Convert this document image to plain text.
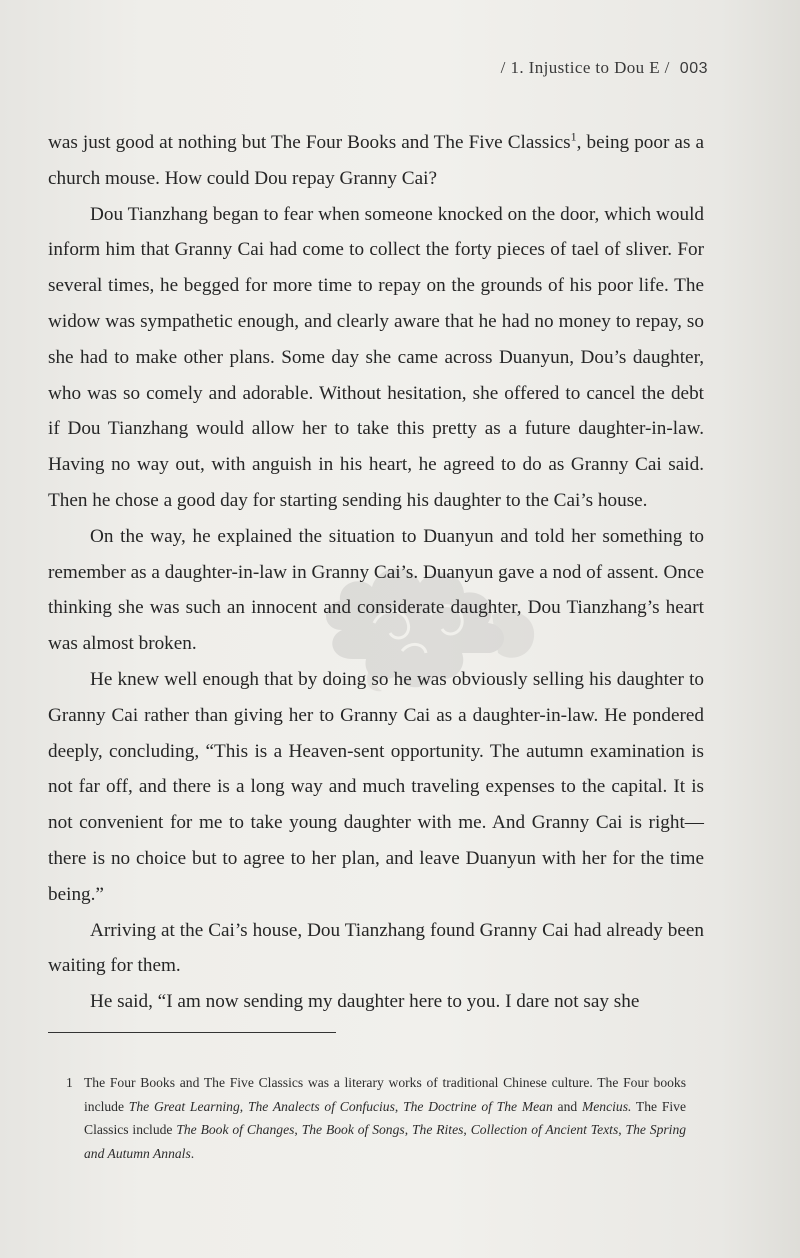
/ 1. Injustice to Dou E / 003

was just good at nothing but The Four Books and The Five Classics$^1$, being poor as a church mouse. How could Dou repay Granny Cai?

Dou Tianzhang began to fear when someone knocked on the door, which would inform him that Granny Cai had come to collect the forty pieces of tael of sliver. For several times, he begged for more time to repay on the grounds of his poor life. The widow was sympathetic enough, and clearly aware that he had no money to repay, so she had to make other plans. Some day she came across Duanyun, Dou’s daughter, who was so comely and adorable. Without hesitation, she offered to cancel the debt if Dou Tianzhang would allow her to take this pretty as a future daughter-in-law. Having no way out, with anguish in his heart, he agreed to do as Granny Cai said. Then he chose a good day for starting sending his daughter to the Cai’s house.

On the way, he explained the situation to Duanyun and told her something to remember as a daughter-in-law in Granny Cai’s. Duanyun gave a nod of assent. Once thinking she was such an innocent and considerate daughter, Dou Tianzhang’s heart was almost broken.

He knew well enough that by doing so he was obviously selling his daughter to Granny Cai rather than giving her to Granny Cai as a daughter-in-law. He pondered deeply, concluding, “This is a Heaven-sent opportunity. The autumn examination is not far off, and there is a long way and much traveling expenses to the capital. It is not convenient for me to take young daughter with me. And Granny Cai is right—there is no choice but to agree to her plan, and leave Duanyun with her for the time being.”

Arriving at the Cai’s house, Dou Tianzhang found Granny Cai had already been waiting for them.

He said, “I am now sending my daughter here to you. I dare not say she

1 The Four Books and The Five Classics was a literary works of traditional Chinese culture. The Four books include The Great Learning, The Analects of Confucius, The Doctrine of The Mean and Mencius. The Five Classics include The Book of Changes, The Book of Songs, The Rites, Collection of Ancient Texts, The Spring and Autumn Annals.
